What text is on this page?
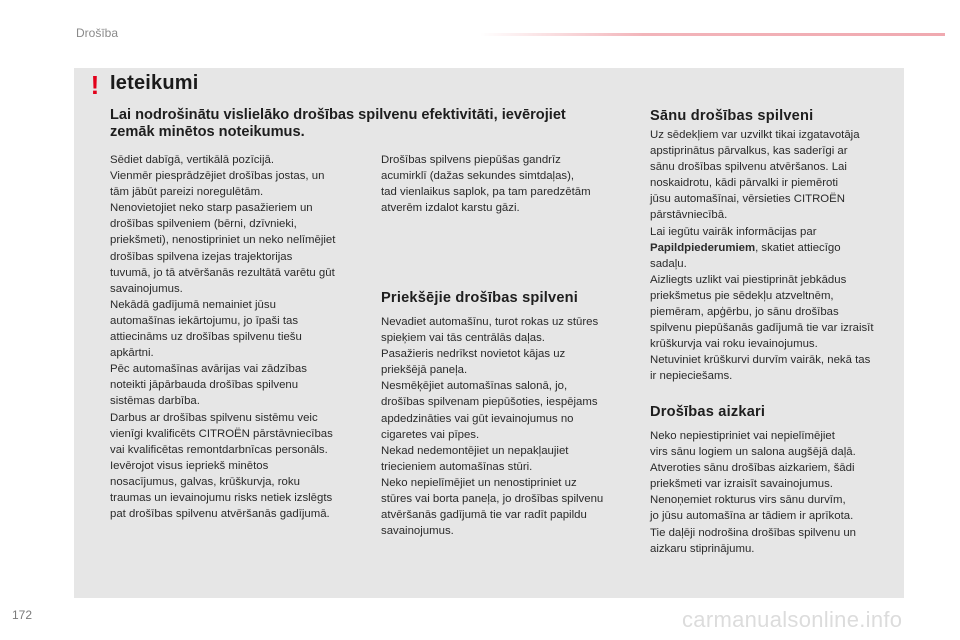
Drošība
! Ieteikumi
Lai nodrošinātu vislielāko drošības spilvenu efektivitāti, ievērojiet
zemāk minētos noteikumus.

Sēdiet dabīgā, vertikālā pozīcijā.

Vienmēr piesprādzējiet drošības jostas, un

tām jābūt pareizi noregulētām.

Nenovietojiet neko starp pasažieriem un

drošības spilveniem (bērni, dzīvnieki,

priekšmeti), nenostipriniet un neko nelīmējiet

drošības spilvena izejas trajektorijas

tuvumā, jo tā atvēršanās rezultātā varētu gūt

savainojumus.

Nekādā gadījumā nemainiet jūsu

automašīnas iekārtojumu, jo īpaši tas

attiecināms uz drošības spilvenu tiešu

apkārtni.

Pēc automašīnas avārijas vai zādzības

noteikti jāpārbauda drošības spilvenu

sistēmas darbība.

Darbus ar drošības spilvenu sistēmu veic

vienīgi kvalificēts CITROËN pārstāvniecības

vai kvalificētas remontdarbnīcas personāls.

Ievērojot visus iepriekš minētos

nosacījumus, galvas, krūškurvja, roku

traumas un ievainojumu risks netiek izslēgts

pat drošības spilvenu atvēršanās gadījumā.

Drošības spilvens piepūšas gandrīz

acumirklī (dažas sekundes simtdaļas),

tad vienlaikus saplok, pa tam paredzētām

atverēm izdalot karstu gāzi.

Priekšējie drošības spilveni

Nevadiet automašīnu, turot rokas uz stūres

spieķiem vai tās centrālās daļas.

Pasažieris nedrīkst novietot kājas uz

priekšējā paneļa.

Nesmēķējiet automašīnas salonā, jo,

drošības spilvenam piepūšoties, iespējams

apdedzināties vai gūt ievainojumus no

cigaretes vai pīpes.

Nekad nedemontējiet un nepakļaujiet

triecieniem automašīnas stūri.

Neko nepielīmējiet un nenostipriniet uz

stūres vai borta paneļa, jo drošības spilvenu

atvēršanās gadījumā tie var radīt papildu

savainojumus.

Sānu drošības spilveni

Uz sēdekļiem var uzvilkt tikai izgatavotāja

apstiprinātus pārvalkus, kas saderīgi ar

sānu drošības spilvenu atvēršanos. Lai

noskaidrotu, kādi pārvalki ir piemēroti

jūsu automašīnai, vērsieties CITROËN

pārstāvniecībā.

Lai iegūtu vairāk informācijas par

Papildpiederumiem, skatiet attiecīgo

sadaļu.

Aizliegts uzlikt vai piestiprināt jebkādus

priekšmetus pie sēdekļu atzveltnēm,

piemēram, apģērbu, jo sānu drošības

spilvenu piepūšanās gadījumā tie var izraisīt

krūškurvja vai roku ievainojumus.

Netuviniet krūškurvi durvīm vairāk, nekā tas

ir nepieciešams.

Drošības aizkari

Neko nepiestipriniet vai nepielīmējiet

virs sānu logiem un salona augšējā daļā.

Atveroties sānu drošības aizkariem, šādi

priekšmeti var izraisīt savainojumus.

Nenoņemiet rokturus virs sānu durvīm,

jo jūsu automašīna ar tādiem ir aprīkota.

Tie daļēji nodrošina drošības spilvenu un

aizkaru stiprinājumu.

172	carmanualsonline.info
